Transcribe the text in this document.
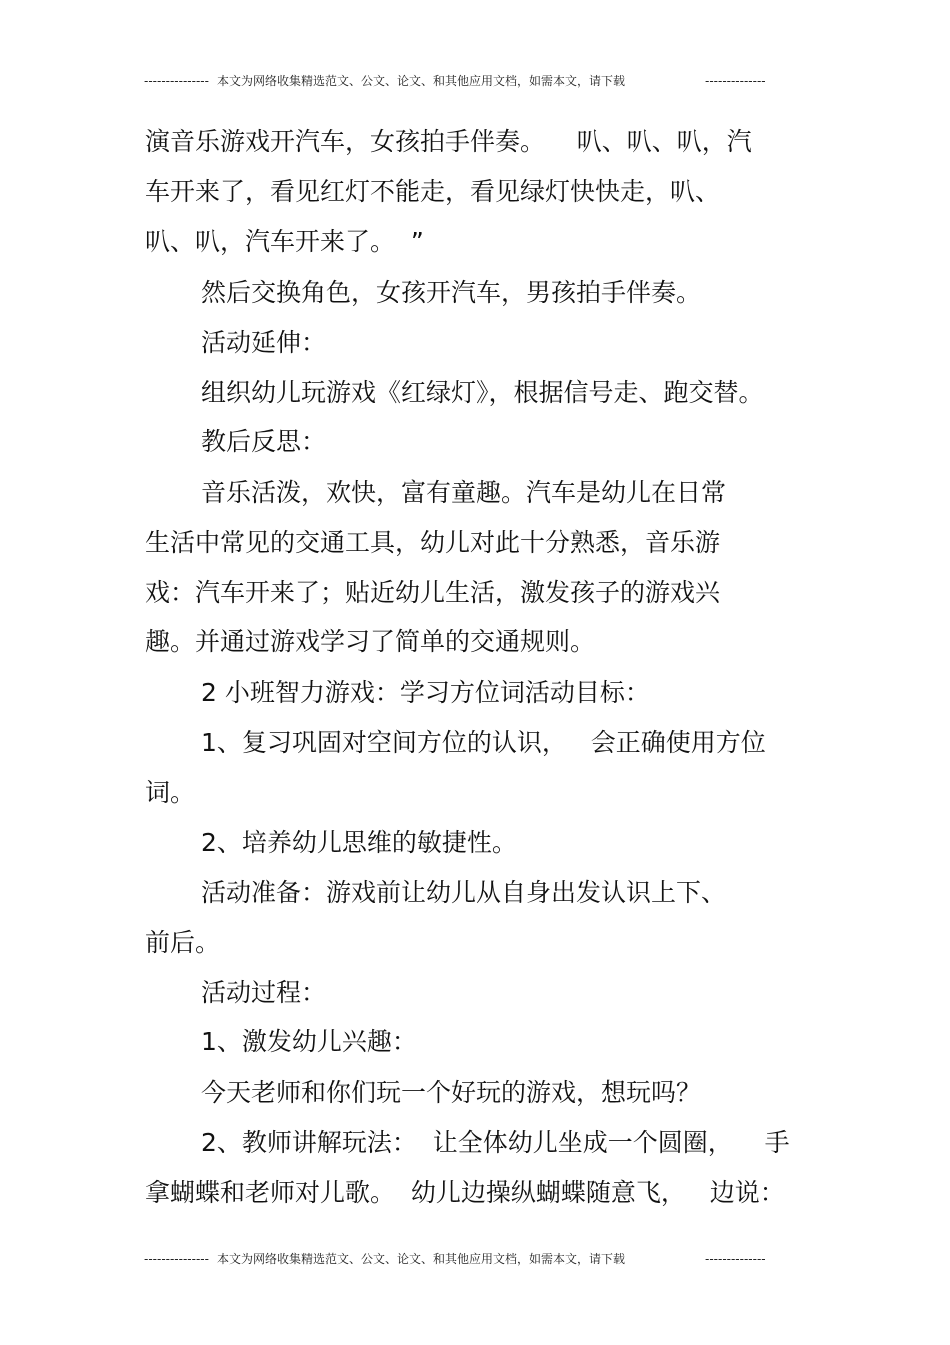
--------------- 本文为网络收集精选范文、公文、论文、和其他应用文档，如需本文，请下载	--------------
演音乐游戏开汽车，女孩拍手伴奏。    叭、叭、叭，汽
车开来了，看见红灯不能走，看见绿灯快快走，叭、
叭、叭，汽车开来了。  ”
然后交换角色，女孩开汽车，男孩拍手伴奏。
活动延伸：
组织幼儿玩游戏《红绿灯》，根据信号走、跑交替。
教后反思：
音乐活泼，欢快，富有童趣。汽车是幼儿在日常
生活中常见的交通工具，幼儿对此十分熟悉，音乐游
戏：汽车开来了；贴近幼儿生活，激发孩子的游戏兴
趣。并通过游戏学习了简单的交通规则。
2 小班智力游戏：学习方位词活动目标：
1、复习巩固对空间方位的认识，   会正确使用方位
词。
2、培养幼儿思维的敏捷性。
活动准备：游戏前让幼儿从自身出发认识上下、
前后。
活动过程：
1、激发幼儿兴趣：
今天老师和你们玩一个好玩的游戏，想玩吗？
2、教师讲解玩法：  让全体幼儿坐成一个圆圈，    手
拿蝴蝶和老师对儿歌。  幼儿边操纵蝴蝶随意飞，   边说：
--------------- 本文为网络收集精选范文、公文、论文、和其他应用文档，如需本文，请下载	--------------
